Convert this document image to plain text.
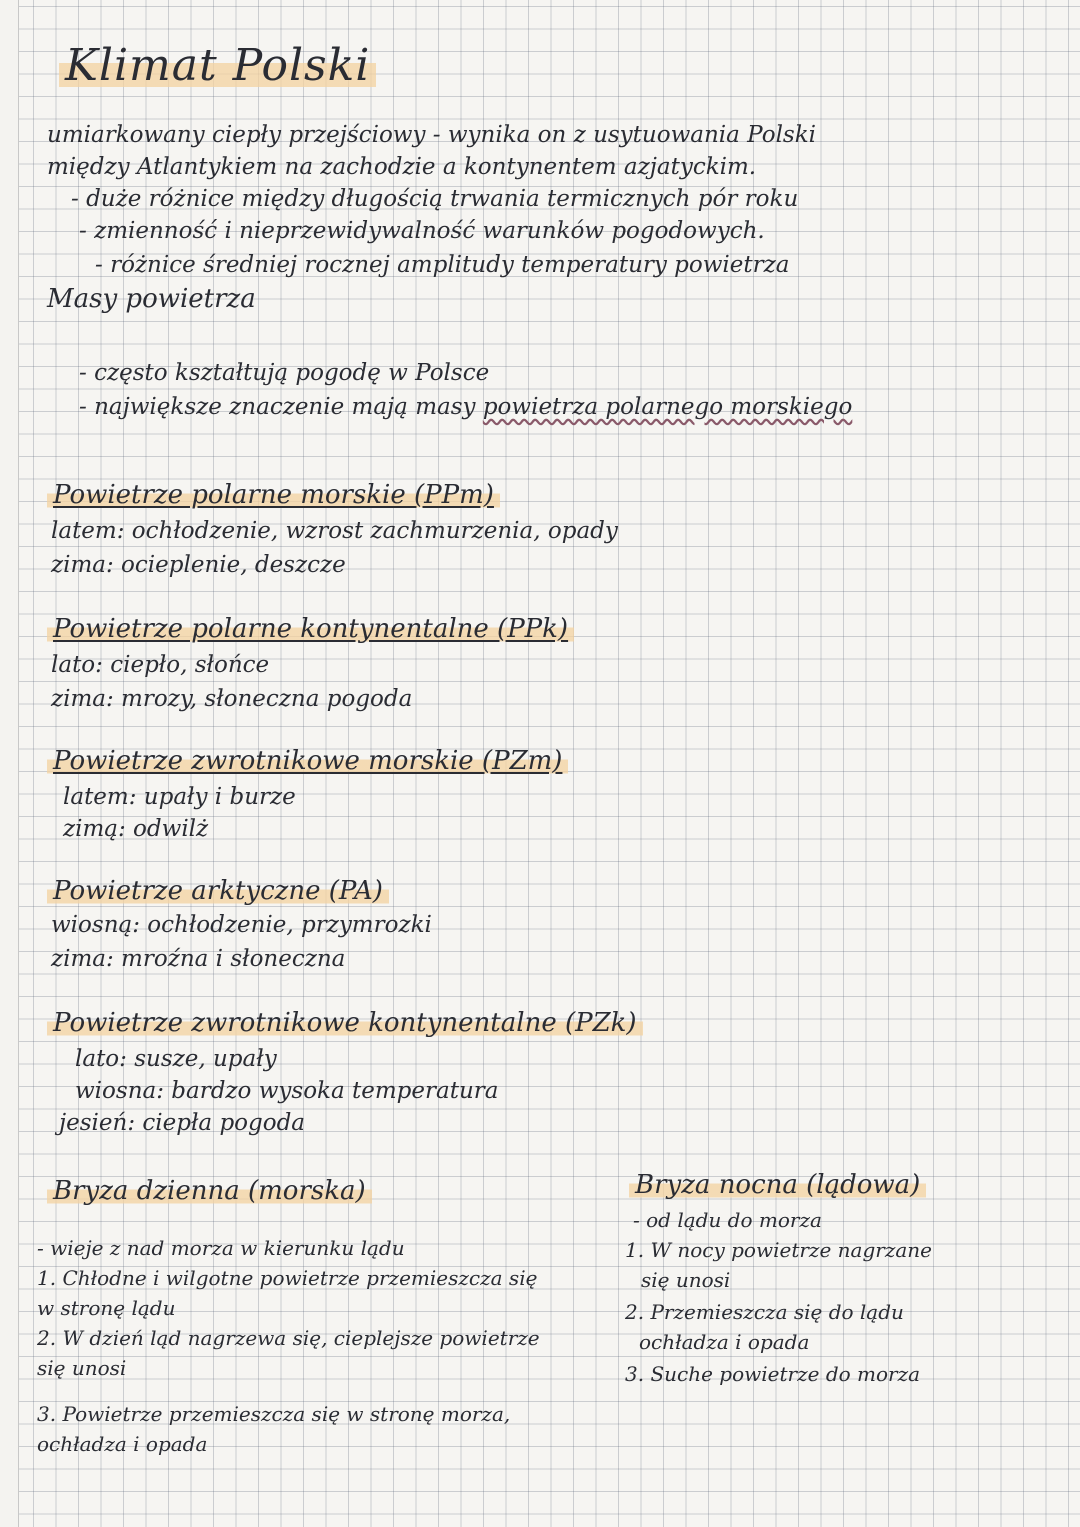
Klimat Polski
umiarkowany ciepły przejściowy - wynika on z usytuowania Polski
między Atlantykiem na zachodzie a kontynentem azjatyckim.
- duże różnice między długością trwania termicznych pór roku
- zmienność i nieprzewidywalność warunków pogodowych.
- różnice średniej rocznej amplitudy temperatury powietrza
Masy powietrza
- często kształtują pogodę w Polsce
- największe znaczenie mają masy powietrza polarnego morskiego
Powietrze polarne morskie (PPm)
latem: ochłodzenie, wzrost zachmurzenia, opady
zima: ocieplenie, deszcze
Powietrze polarne kontynentalne (PPk)
lato: ciepło, słońce
zima: mrozy, słoneczna pogoda
Powietrze zwrotnikowe morskie (PZm)
latem: upały i burze
zimą: odwilż
Powietrze arktyczne (PA)
wiosną: ochłodzenie, przymrozki
zima: mroźna i słoneczna
Powietrze zwrotnikowe kontynentalne (PZk)
lato: susze, upały
wiosna: bardzo wysoka temperatura
jesień: ciepła pogoda
Bryza dzienna (morska)
- wieje z nad morza w kierunku lądu
1. Chłodne i wilgotne powietrze przemieszcza się
w stronę lądu
2. W dzień ląd nagrzewa się, cieplejsze powietrze
się unosi
3. Powietrze przemieszcza się w stronę morza,
ochładza i opada
Bryza nocna (lądowa)
- od lądu do morza
1. W nocy powietrze nagrzane
się unosi
2. Przemieszcza się do lądu
ochładza i opada
3. Suche powietrze do morza
